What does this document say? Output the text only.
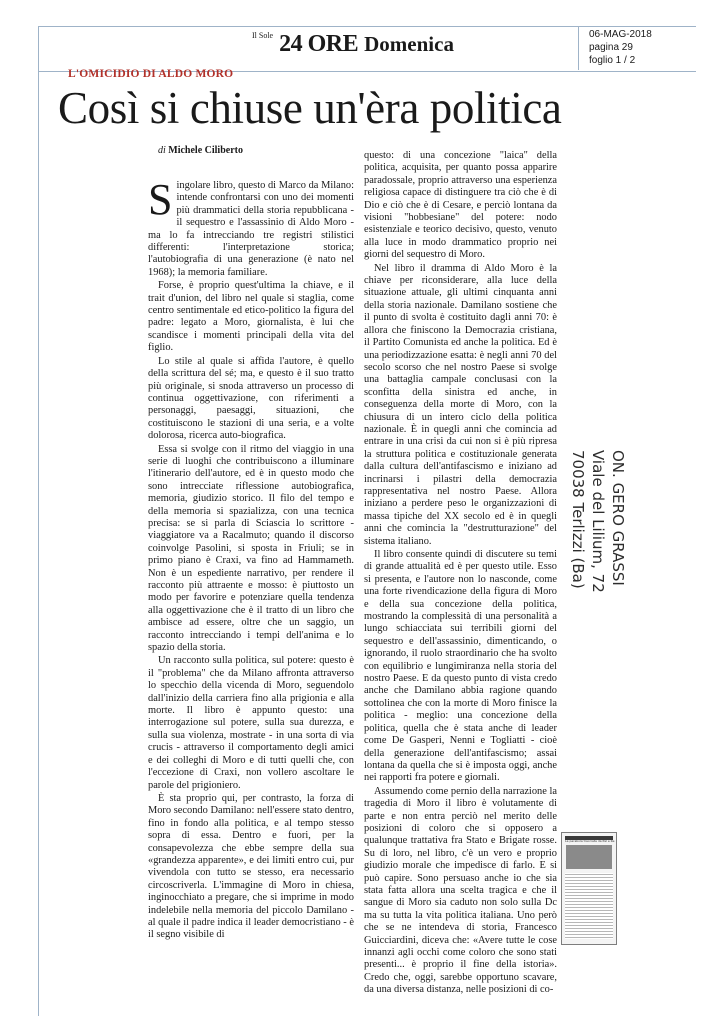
Il Sole 24 ORE Domenica	06-MAG-2018
pagina 29
foglio 1 / 2
L'OMICIDIO DI ALDO MORO
Così si chiuse un'èra politica
di Michele Ciliberto

Singolare libro, questo di Marco da Milano: intende confrontarsi con uno dei momenti più drammatici della storia repubblicana - il sequestro e l'assassinio di Aldo Moro - ma lo fa intrecciando tre registri stilistici differenti: l'interpretazione storica; l'autobiografia di una generazione (è nato nel 1968); la memoria familiare.

Forse, è proprio quest'ultima la chiave, e il trait d'union, del libro nel quale si staglia, come centro sentimentale ed etico-politico la figura del padre: legato a Moro, giornalista, è lui che scandisce i momenti principali della vita del figlio.

Lo stile al quale si affida l'autore, è quello della scrittura del sé; ma, e questo è il suo tratto più originale, si snoda attraverso un processo di continua oggettivazione, con riferimenti a personaggi, paesaggi, situazioni, che costituiscono le stazioni di una seria, e a volte dolorosa, ricerca auto-biografica.

Essa si svolge con il ritmo del viaggio in una serie di luoghi che contribuiscono a illuminare l'itinerario dell'autore, ed è in questo modo che sono intrecciate riflessione autobiografica, memoria, giudizio storico. Il filo del tempo e della memoria si spazializza, con una tecnica precisa: se si parla di Sciascia lo scrittore - viaggiatore va a Racalmuto; quando il discorso coinvolge Pasolini, si sposta in Friuli; se in primo piano è Craxi, va fino ad Hammameth. Non è un espediente narrativo, per rendere il racconto più attraente e mosso: è piuttosto un modo per favorire e potenziare quella tendenza alla oggettivazione che è il tratto di un libro che ambisce ad essere, oltre che un saggio, un racconto intrecciando i tempi dell'anima e lo spazio della storia.

Un racconto sulla politica, sul potere: questo è il "problema" che da Milano affronta attraverso lo specchio della vicenda di Moro, seguendolo dall'inizio della carriera fino alla prigionia e alla morte. Il libro è appunto questo: una interrogazione sul potere, sulla sua durezza, e sulla sua violenza, mostrate - in una sorta di via crucis - attraverso il comportamento degli amici e dei colleghi di Moro e di tutti quelli che, con l'eccezione di Craxi, non vollero ascoltare le parole del prigioniero.

È sta proprio qui, per contrasto, la forza di Moro secondo Damilano: nell'essere stato dentro, fino in fondo alla politica, e al tempo stesso sopra di essa. Dentro e fuori, per la consapevolezza che ebbe sempre della sua «grandezza apparente», e dei limiti entro cui, pur vivendola con tutto se stesso, era necessario circoscriverla. L'immagine di Moro in chiesa, inginocchiato a pregare, che si imprime in modo indelebile nella memoria del piccolo Damilano - al quale il padre indica il leader democristiano - è il segno visibile di

questo: di una concezione "laica" della politica, acquisita, per quanto possa apparire paradossale, proprio attraverso una esperienza religiosa capace di distinguere tra ciò che è di Dio e ciò che è di Cesare, e perciò lontana da visioni "hobbesiane" del potere: nodo esistenziale e teorico decisivo, questo, venuto alla luce in modo drammatico proprio nei giorni del sequestro di Moro.

Nel libro il dramma di Aldo Moro è la chiave per riconsiderare, alla luce della situazione attuale, gli ultimi cinquanta anni della storia nazionale. Damilano sostiene che il punto di svolta è costituito dagli anni 70: è allora che finiscono la Democrazia cristiana, il Partito Comunista ed anche la politica. Ed è una periodizzazione esatta: è negli anni 70 del secolo scorso che nel nostro Paese si svolge una battaglia campale conclusasi con la sconfitta della sinistra ed anche, in conseguenza della morte di Moro, con la chiusura di un intero ciclo della politica nazionale. È in quegli anni che comincia ad entrare in una crisi da cui non si è più ripresa la struttura politica e costituzionale generata dalla cultura dell'antifascismo e iniziano ad incrinarsi i pilastri della democrazia rappresentativa nel nostro Paese. Allora iniziano a perdere peso le organizzazioni di massa tipiche del XX secolo ed è in quegli anni che comincia la "destrutturazione" del sistema italiano.

Il libro consente quindi di discutere su temi di grande attualità ed è per questo utile. Esso si presenta, e l'autore non lo nasconde, come una forte rivendicazione della figura di Moro e della sua concezione della politica, mostrando la complessità di una personalità a lungo schiacciata sui terribili giorni del sequestro e dell'assassinio, dimenticando, o ignorando, il ruolo straordinario che ha svolto con equilibrio e lungimiranza nella storia del nostro Paese. E da questo punto di vista credo anche che Damilano abbia ragione quando sottolinea che con la morte di Moro finisce la politica - meglio: una concezione della politica, quella che è stata anche di leader come De Gasperi, Nenni e Togliatti - cioè della generazione dell'antifascismo; assai lontana da quella che si è imposta oggi, anche nei rapporti fra potere e giornali.

Assumendo come pernio della narrazione la tragedia di Moro il libro è volutamente di parte e non entra perciò nel merito delle posizioni di coloro che si opposero a qualunque trattativa fra Stato e Brigate rosse. Su di loro, nel libro, c'è un vero e proprio giudizio morale che impedisce di farlo. E si può capire. Sono persuaso anche io che sia stata fatta allora una scelta tragica e che il sangue di Moro sia caduto non solo sulla Dc ma su tutta la vita politica italiana. Uno però che se ne intendeva di storia, Francesco Guicciardini, diceva che: «Avere tutte le cose innanzi agli occhi come coloro che sono stati presenti... è proprio il fine della istoria». Credo che, oggi, sarebbe opportuno scavare, da una diversa distanza, nelle posizioni di co-

ON. GERO GRASSI
Viale del Lilium, 72
70038 Terlizzi (Ba)
La parabola tracciata da Pal e Re
